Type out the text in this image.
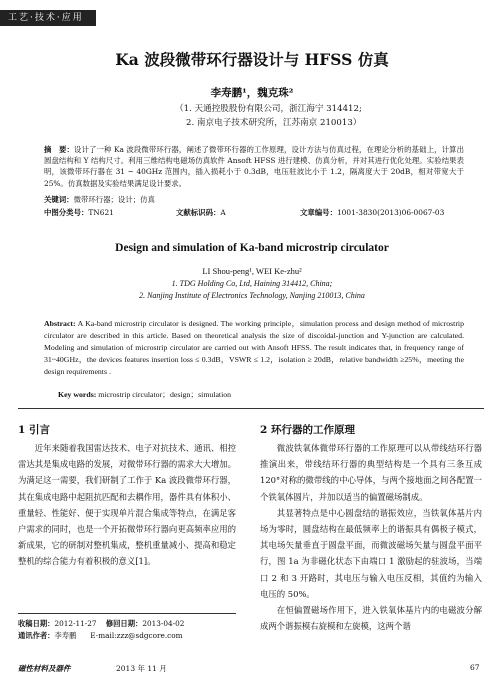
工艺·技术·应用
Ka 波段微带环行器设计与 HFSS 仿真
李寿鹏¹，魏克珠²
（1. 天通控股股份有限公司，浙江海宁 314412;
2. 南京电子技术研究所，江苏南京 210013）
摘　要：设计了一种 Ka 波段微带环行器，阐述了微带环行器的工作原理，设计方法与仿真过程，在理论分析的基础上，计算出圆盘结构和 Y 结构尺寸。利用三维结构电磁场仿真软件 Ansoft HFSS 进行建模、仿真分析，并对其进行优化处理。实验结果表明，该微带环行器在 31 ~ 40GHz 范围内，插入损耗小于 0.3dB，电压驻波比小于 1.2，隔离度大于 20dB，相对带宽大于 25%。仿真数据及实验结果满足设计要求。
关键词：微带环行器；设计；仿真
中图分类号：TN621	文献标识码：A	文章编号：1001-3830(2013)06-0067-03
Design and simulation of Ka-band microstrip circulator
LI Shou-peng¹, WEI Ke-zhu²
1. TDG Holding Co, Ltd, Haining 314412, China;
2. Nanjing Institute of Electronics Technology, Nanjing 210013, China
Abstract: A Ka-band microstrip circulator is designed. The working principle，simulation process and design method of microstrip circulator are described in this article. Based on theoretical analysis the size of discoidal-junction and Y-junction are calculated. Modeling and simulation of microstrip circulator are carried out with Ansoft HFSS. The result indicates that, in frequency range of 31~40GHz，the devices features insertion loss ≤ 0.3dB，VSWR ≤ 1.2，isolation ≥ 20dB，relative bandwidth ≥25%，meeting the design requirements .
Key words: microstrip circulator；design；simulation
1 引言	2 环行器的工作原理

近年来随着我国雷达技术、电子对抗技术、通讯、相控雷达其是集成电路的发展，对微带环行器的需求大大增加。为满足这一需要，我们研制了工作于 Ka 波段微带环行器，其在集成电路中起阻抗匹配和去耦作用，器件具有体积小、重量轻、性能好、便于实现单片混合集成等特点，在满足客户需求的同时，也是一个开拓微带环行器向更高频率应用的新成果，它的研制对整机集成，整机重量减小、提高和稳定整机的综合能力有着积极的意义[1]。

微波铁氧体微带环行器的工作原理可以从带线结环行器推演出来，带线结环行器的典型结构是一个具有三条互成 120°对称的微带线的中心导体，与两个接地面之间各配置一个铁氧体圆片，并加以适当的偏置磁场制成。

其显著特点是中心圆盘结的谐振效应，当铁氧体基片内场为零时，圆盘结构在最低频率上的谐振具有偶极子模式，其电场矢量垂直于圆盘平面，而微波磁场矢量与圆盘平面平行，图 1a 为非磁化状态下由端口 1 激励起的驻波场，当端口 2 和 3 开路时，其电压与输入电压反相，其值约为输入电压的 50%。

在恒偏置磁场作用下，进入铁氧体基片内的电磁波分解成两个谐振模右旋模和左旋模，这两个谐

收稿日期：2012-11-27 修回日期：2013-04-02
通讯作者：李寿鹏 E-mail:zzz@sdgcore.com
磁性材料及器件	2013 年 11 月	67
